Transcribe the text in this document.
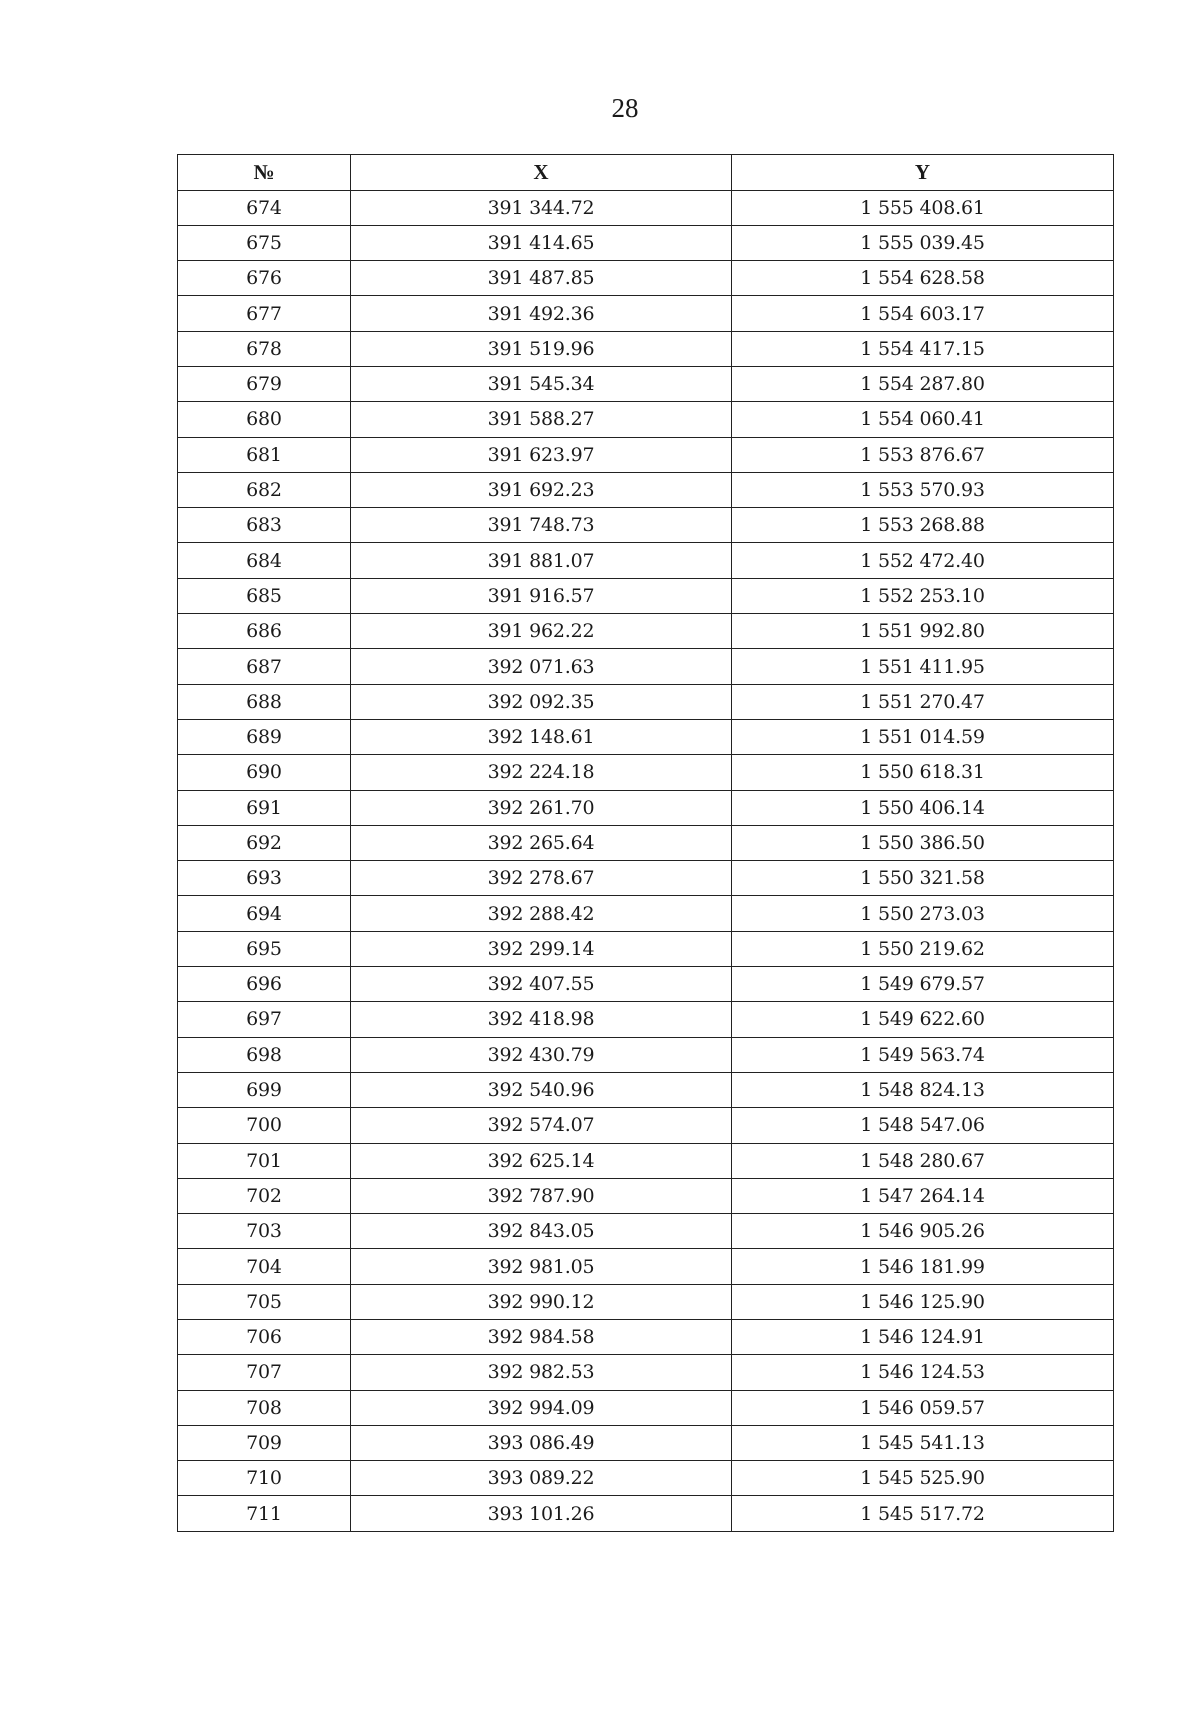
28
№	X	Y
674	391 344.72	1 555 408.61
675	391 414.65	1 555 039.45
676	391 487.85	1 554 628.58
677	391 492.36	1 554 603.17
678	391 519.96	1 554 417.15
679	391 545.34	1 554 287.80
680	391 588.27	1 554 060.41
681	391 623.97	1 553 876.67
682	391 692.23	1 553 570.93
683	391 748.73	1 553 268.88
684	391 881.07	1 552 472.40
685	391 916.57	1 552 253.10
686	391 962.22	1 551 992.80
687	392 071.63	1 551 411.95
688	392 092.35	1 551 270.47
689	392 148.61	1 551 014.59
690	392 224.18	1 550 618.31
691	392 261.70	1 550 406.14
692	392 265.64	1 550 386.50
693	392 278.67	1 550 321.58
694	392 288.42	1 550 273.03
695	392 299.14	1 550 219.62
696	392 407.55	1 549 679.57
697	392 418.98	1 549 622.60
698	392 430.79	1 549 563.74
699	392 540.96	1 548 824.13
700	392 574.07	1 548 547.06
701	392 625.14	1 548 280.67
702	392 787.90	1 547 264.14
703	392 843.05	1 546 905.26
704	392 981.05	1 546 181.99
705	392 990.12	1 546 125.90
706	392 984.58	1 546 124.91
707	392 982.53	1 546 124.53
708	392 994.09	1 546 059.57
709	393 086.49	1 545 541.13
710	393 089.22	1 545 525.90
711	393 101.26	1 545 517.72
